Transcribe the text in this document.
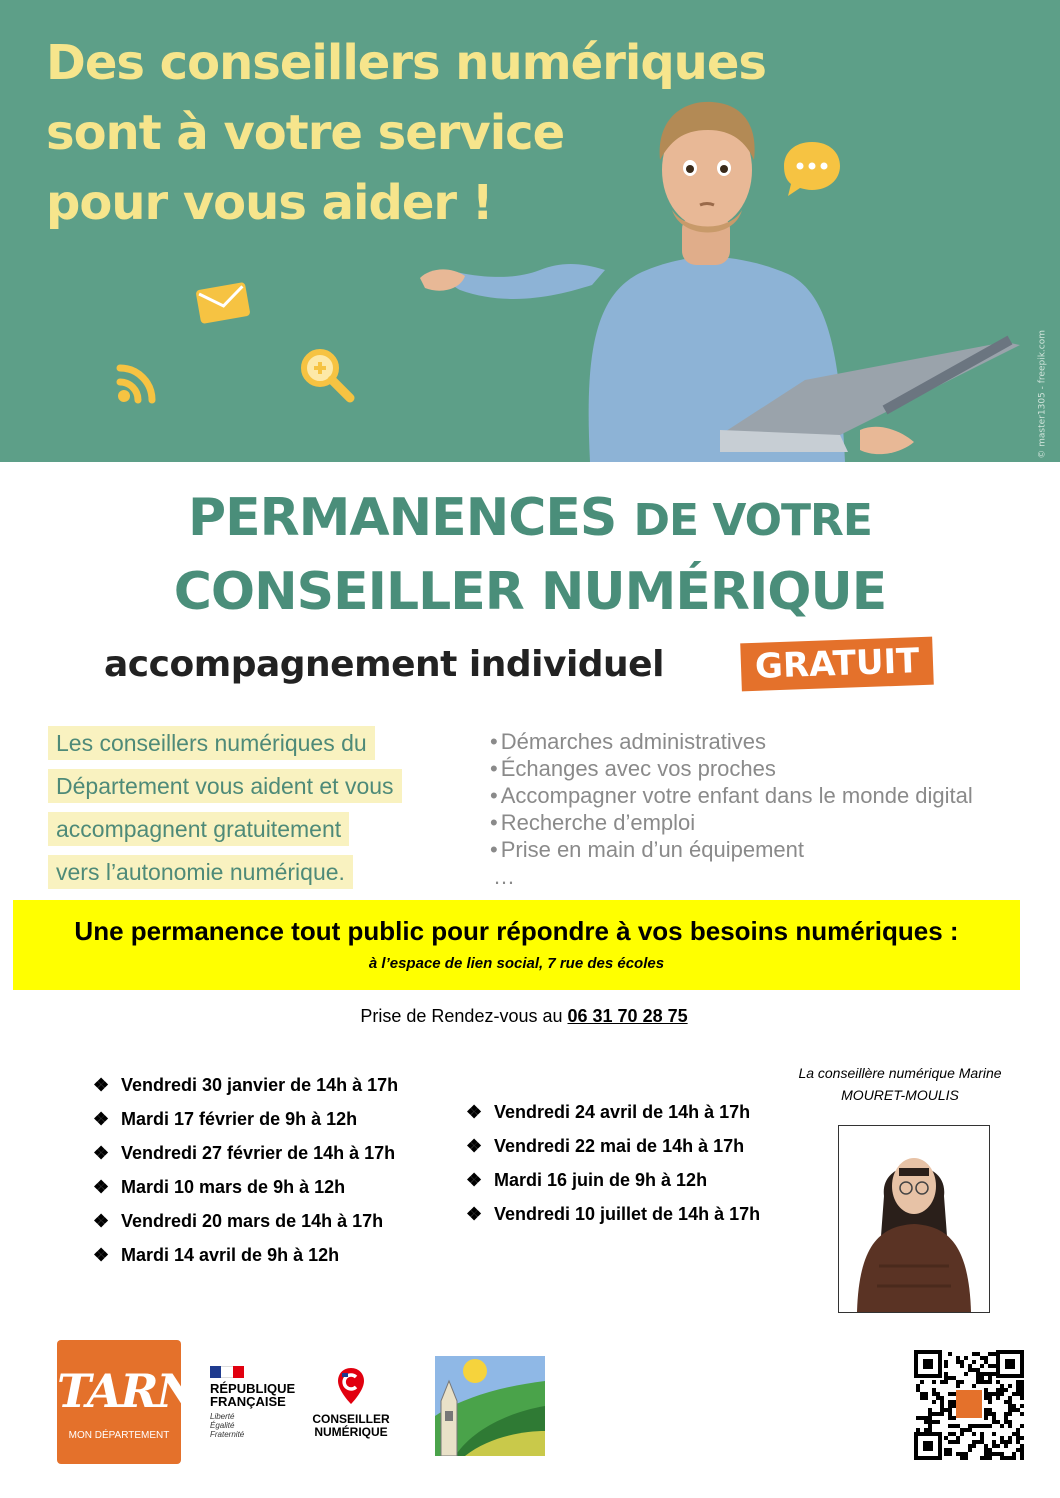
Des conseillers numériques
sont à votre service
pour vous aider !
© master1305 - freepik.com
PERMANENCES DE VOTRE
CONSEILLER NUMÉRIQUE
accompagnement individuel	GRATUIT
Les conseillers numériques du
Département vous aident et vous
accompagnent gratuitement
vers l’autonomie numérique.
• Démarches administratives
• Échanges avec vos proches
• Accompagner votre enfant dans le monde digital
• Recherche d’emploi
• Prise en main d’un équipement
…
Une permanence tout public pour répondre à vos besoins numériques :
à l’espace de lien social, 7 rue des écoles
Prise de Rendez-vous au 06 31 70 28 75
❖ Vendredi 30 janvier de 14h à 17h
❖ Mardi 17 février de 9h à 12h
❖ Vendredi 27 février de 14h à 17h
❖ Mardi 10 mars de 9h à 12h
❖ Vendredi 20 mars de 14h à 17h
❖ Mardi 14 avril de 9h à 12h
❖ Vendredi 24 avril de 14h à 17h
❖ Vendredi 22 mai de 14h à 17h
❖ Mardi 16 juin de 9h à 12h
❖ Vendredi 10 juillet de 14h à 17h
La conseillère numérique Marine
MOURET-MOULIS
TARN
MON DÉPARTEMENT
RÉPUBLIQUE
FRANÇAISE
Liberté
Égalité
Fraternité
CONSEILLER
NUMÉRIQUE
